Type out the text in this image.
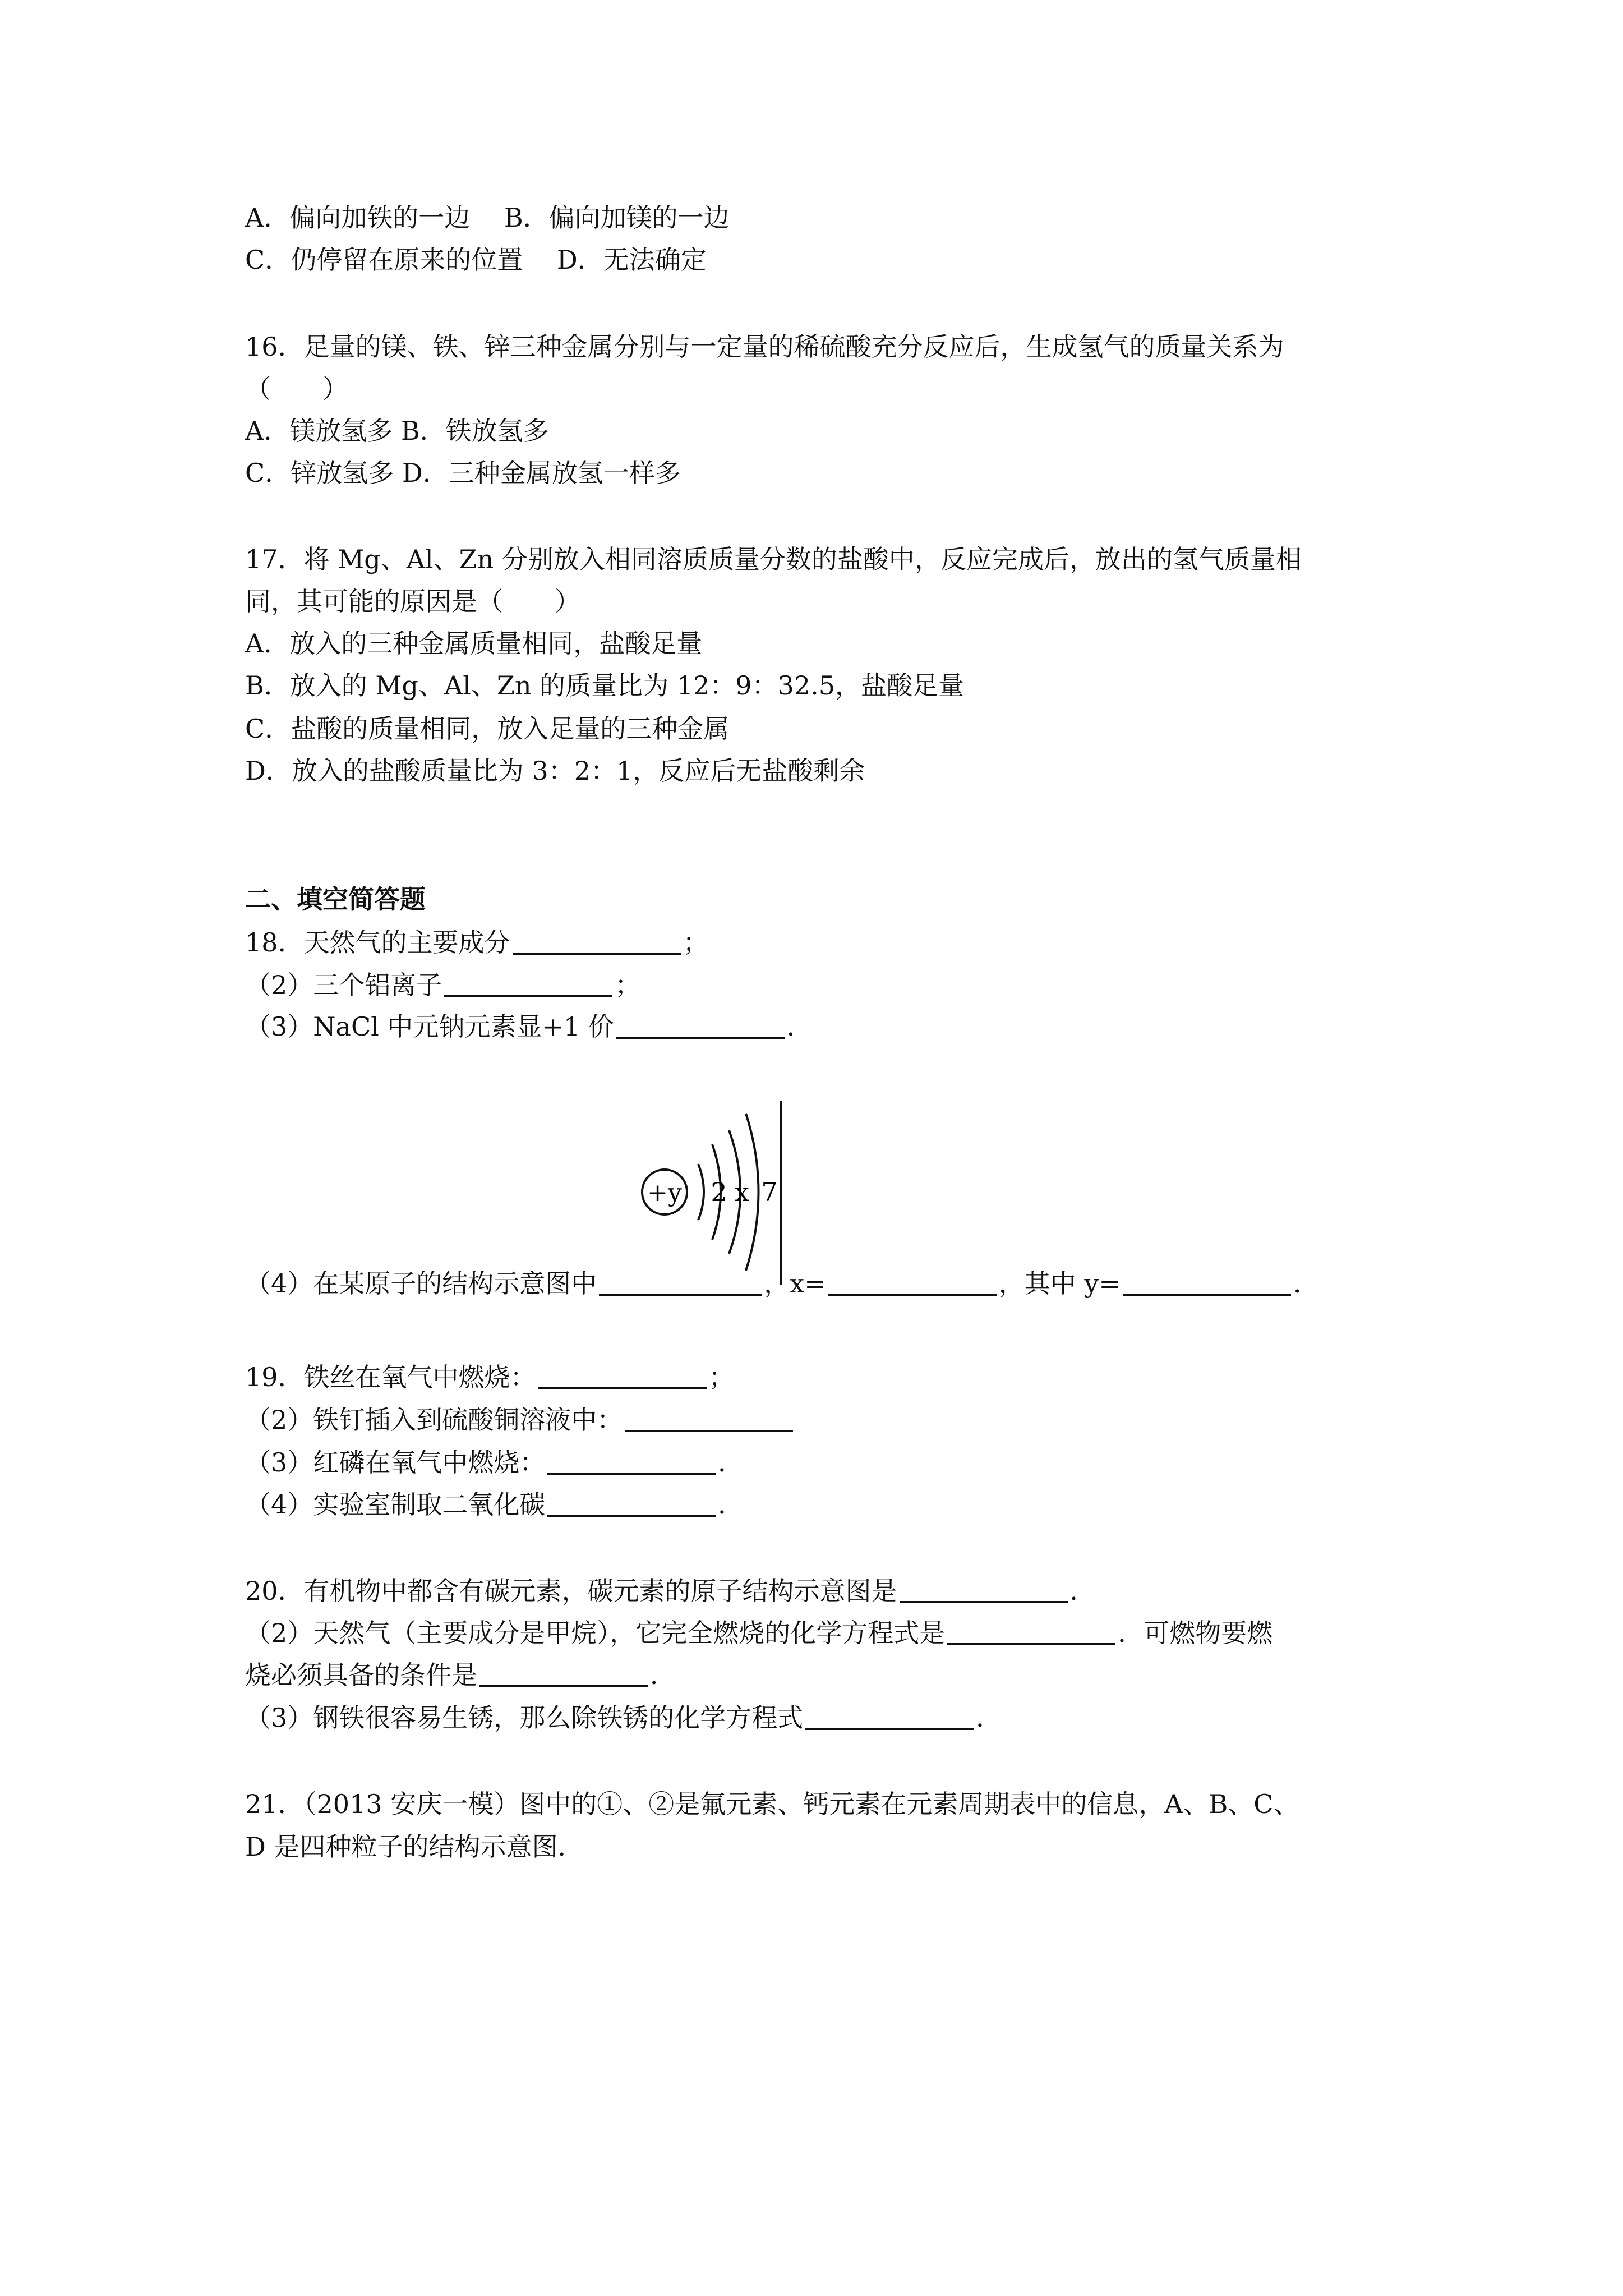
A．偏向加铁的一边　 B．偏向加镁的一边

C．仍停留在原来的位置　 D．无法确定

16．足量的镁、铁、锌三种金属分别与一定量的稀硫酸充分反应后，生成氢气的质量关系为

（　　）

A．镁放氢多 B．铁放氢多

C．锌放氢多 D．三种金属放氢一样多

17．将 Mg、Al、Zn 分别放入相同溶质质量分数的盐酸中，反应完成后，放出的氢气质量相

同，其可能的原因是（　　）

A．放入的三种金属质量相同，盐酸足量

B．放入的 Mg、Al、Zn 的质量比为 12：9：32.5，盐酸足量

C．盐酸的质量相同，放入足量的三种金属

D．放入的盐酸质量比为 3：2：1，反应后无盐酸剩余

二、填空简答题

18．天然气的主要成分	；

（2）三个铝离子	；

（3）NaCl 中元钠元素显+1 价	．

+y 2 x 7

（4）在某原子的结构示意图中	，x=	，其中 y=	．

19．铁丝在氧气中燃烧：	；

（2）铁钉插入到硫酸铜溶液中：

（3）红磷在氧气中燃烧：	．

（4）实验室制取二氧化碳	．

20．有机物中都含有碳元素，碳元素的原子结构示意图是	．

（2）天然气（主要成分是甲烷），它完全燃烧的化学方程式是	．可燃物要燃

烧必须具备的条件是	．

（3）钢铁很容易生锈，那么除铁锈的化学方程式	．

21．（2013 安庆一模）图中的①、②是氟元素、钙元素在元素周期表中的信息，A、B、C、

D 是四种粒子的结构示意图．
